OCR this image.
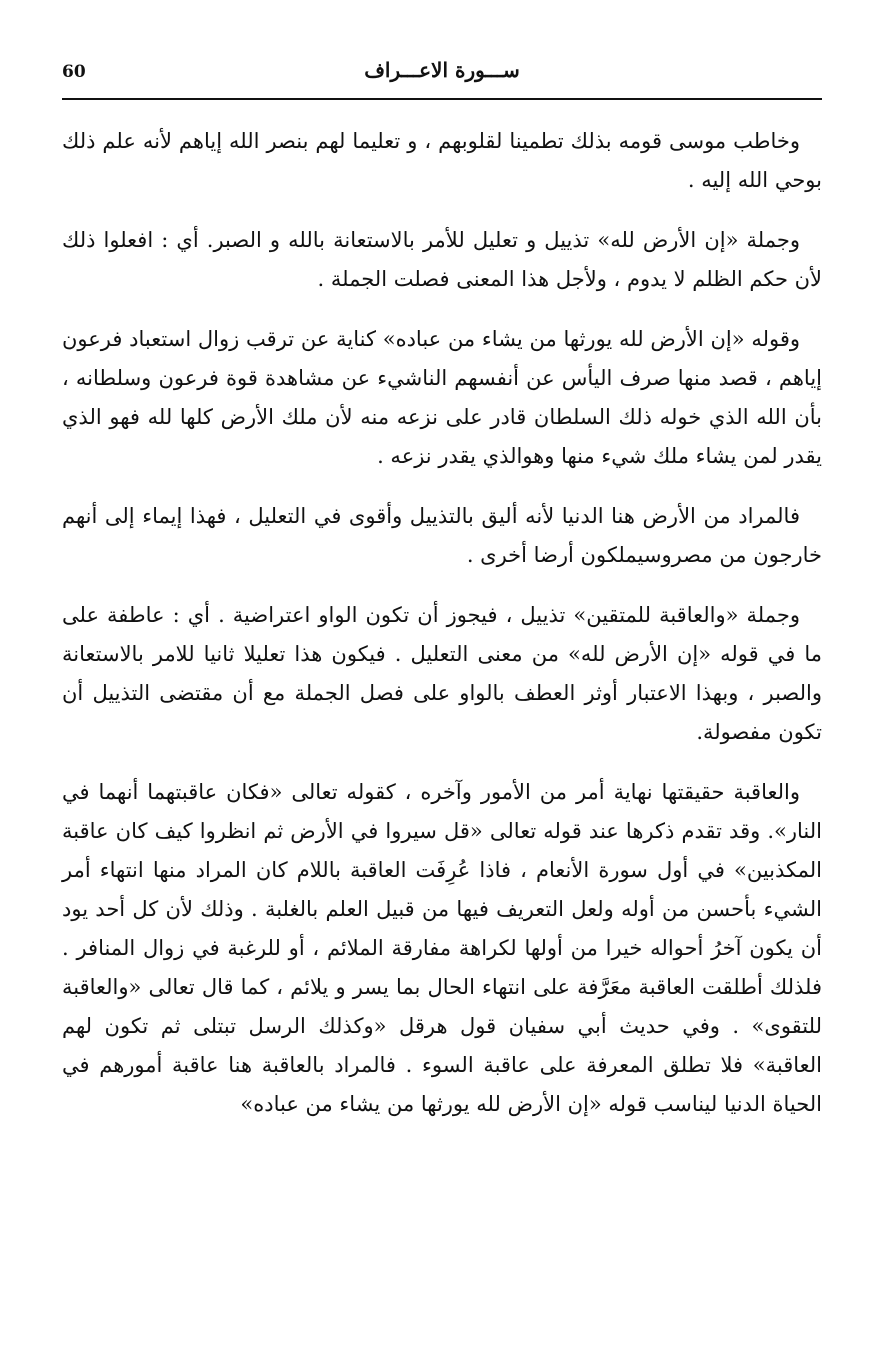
60	ســـورة الاعـــراف

وخاطب موسى قومه بذلك تطمينا لقلوبهم ، و تعليما لهم بنصر الله إياهم لأنه علم ذلك بوحي الله إليه .

وجملة «إن الأرض لله» تذييل و تعليل للأمر بالاستعانة بالله و الصبر. أي : افعلوا ذلك لأن حكم الظلم لا يدوم ، ولأجل هذا المعنى فصلت الجملة .

وقوله «إن الأرض لله يورثها من يشاء من عباده» كناية عن ترقب زوال استعباد فرعون إياهم ، قصد منها صرف اليأس عن أنفسهم الناشيء عن مشاهدة قوة فرعون وسلطانه ، بأن الله الذي خوله ذلك السلطان قادر على نزعه منه لأن ملك الأرض كلها لله فهو الذي يقدر لمن يشاء ملك شيء منها وهوالذي يقدر نزعه .

فالمراد من الأرض هنا الدنيا لأنه أليق بالتذييل وأقوى في التعليل ، فهذا إيماء إلى أنهم خارجون من مصروسيملكون أرضا أخرى .

وجملة «والعاقبة للمتقين» تذييل ، فيجوز أن تكون الواو اعتراضية . أي : عاطفة على ما في قوله «إن الأرض لله» من معنى التعليل . فيكون هذا تعليلا ثانيا للامر بالاستعانة والصبر ، وبهذا الاعتبار أوثر العطف بالواو على فصل الجملة مع أن مقتضى التذييل أن تكون مفصولة.

والعاقبة حقيقتها نهاية أمر من الأمور وآخره ، كقوله تعالى «فكان عاقبتهما أنهما في النار». وقد تقدم ذكرها عند قوله تعالى «قل سيروا في الأرض ثم انظروا كيف كان عاقبة المكذبين» في أول سورة الأنعام ، فاذا عُرِفَت العاقبة باللام كان المراد منها انتهاء أمر الشيء بأحسن من أوله ولعل التعريف فيها من قبيل العلم بالغلبة . وذلك لأن كل أحد يود أن يكون آخرُ أحواله خيرا من أولها لكراهة مفارقة الملائم ، أو للرغبة في زوال المنافر . فلذلك أطلقت العاقبة معَرَّفة على انتهاء الحال بما يسر و يلائم ، كما قال تعالى «والعاقبة للتقوى» . وفي حديث أبي سفيان قول هرقل «وكذلك الرسل تبتلى ثم تكون لهم العاقبة» فلا تطلق المعرفة على عاقبة السوء . فالمراد بالعاقبة هنا عاقبة أمورهم في الحياة الدنيا ليناسب قوله «إن الأرض لله يورثها من يشاء من عباده»
